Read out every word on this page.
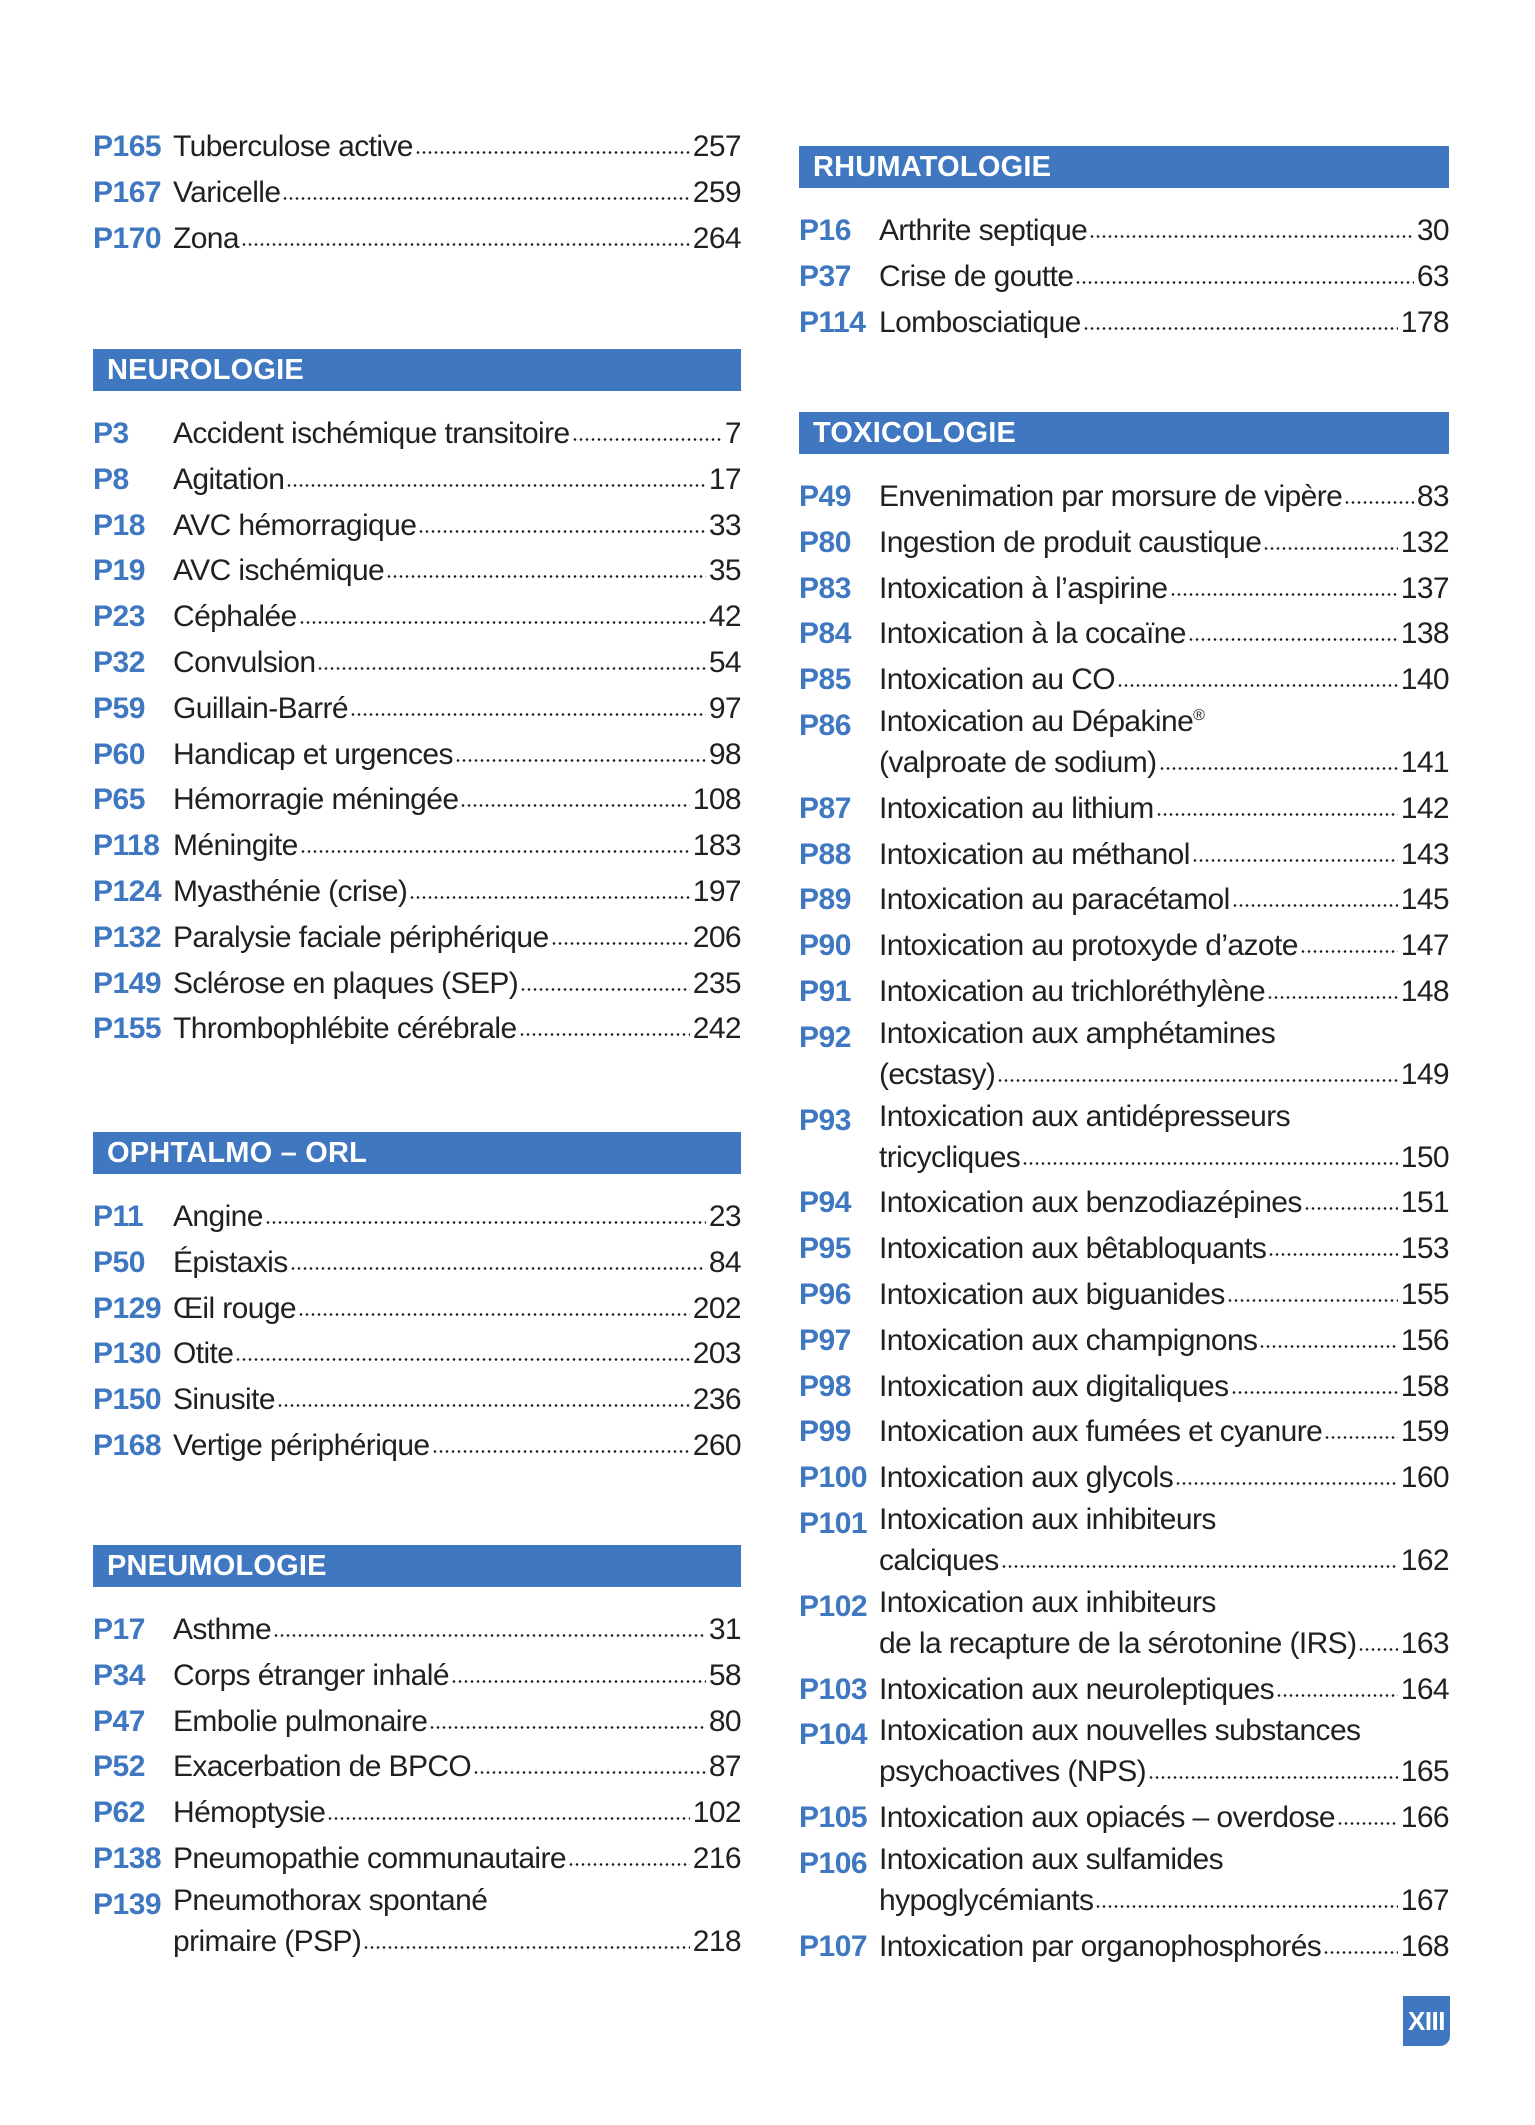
P165 Tuberculose active	257
P167 Varicelle	259
P170 Zona	264
NEUROLOGIE
P3	Accident ischémique transitoire	7
P8	Agitation	17
P18 AVC hémorragique	33
P19 AVC ischémique	35
P23 Céphalée	42
P32 Convulsion	54
P59 Guillain-Barré	97
P60 Handicap et urgences	98
P65 Hémorragie méningée	108
P118 Méningite	183
P124 Myasthénie (crise)	197
P132 Paralysie faciale périphérique	206
P149 Sclérose en plaques (SEP)	235
P155 Thrombophlébite cérébrale	242
OPHTALMO – ORL
P11 Angine	23
P50 Épistaxis	84
P129 Œil rouge	202
P130 Otite	203
P150 Sinusite	236
P168 Vertige périphérique	260
PNEUMOLOGIE
P17 Asthme	31
P34 Corps étranger inhalé	58
P47 Embolie pulmonaire	80
P52 Exacerbation de BPCO	87
P62 Hémoptysie	102
P138 Pneumopathie communautaire	216
P139 Pneumothorax spontané
primaire (PSP)	218
RHUMATOLOGIE
P16 Arthrite septique	30
P37 Crise de goutte	63
P114 Lombosciatique	178
TOXICOLOGIE
P49 Envenimation par morsure de vipère 83
P80 Ingestion de produit caustique	132
P83 Intoxication à l’aspirine	137
P84 Intoxication à la cocaïne	138
P85 Intoxication au CO	140
P86 Intoxication au Dépakine®
(valproate de sodium)	141
P87 Intoxication au lithium	142
P88 Intoxication au méthanol	143
P89 Intoxication au paracétamol	145
P90 Intoxication au protoxyde d’azote	147
P91 Intoxication au trichloréthylène	148
P92 Intoxication aux amphétamines
(ecstasy)	149
P93 Intoxication aux antidépresseurs
tricycliques	150
P94 Intoxication aux benzodiazépines	151
P95 Intoxication aux bêtabloquants	153
P96 Intoxication aux biguanides	155
P97 Intoxication aux champignons	156
P98 Intoxication aux digitaliques	158
P99 Intoxication aux fumées et cyanure	159
P100 Intoxication aux glycols	160
P101 Intoxication aux inhibiteurs
calciques	162
P102 Intoxication aux inhibiteurs
de la recapture de la sérotonine (IRS) 163
P103 Intoxication aux neuroleptiques	164
P104 Intoxication aux nouvelles substances
psychoactives (NPS)	165
P105 Intoxication aux opiacés – overdose 166
P106 Intoxication aux sulfamides
hypoglycémiants	167
P107 Intoxication par organophosphorés	168
XIII
